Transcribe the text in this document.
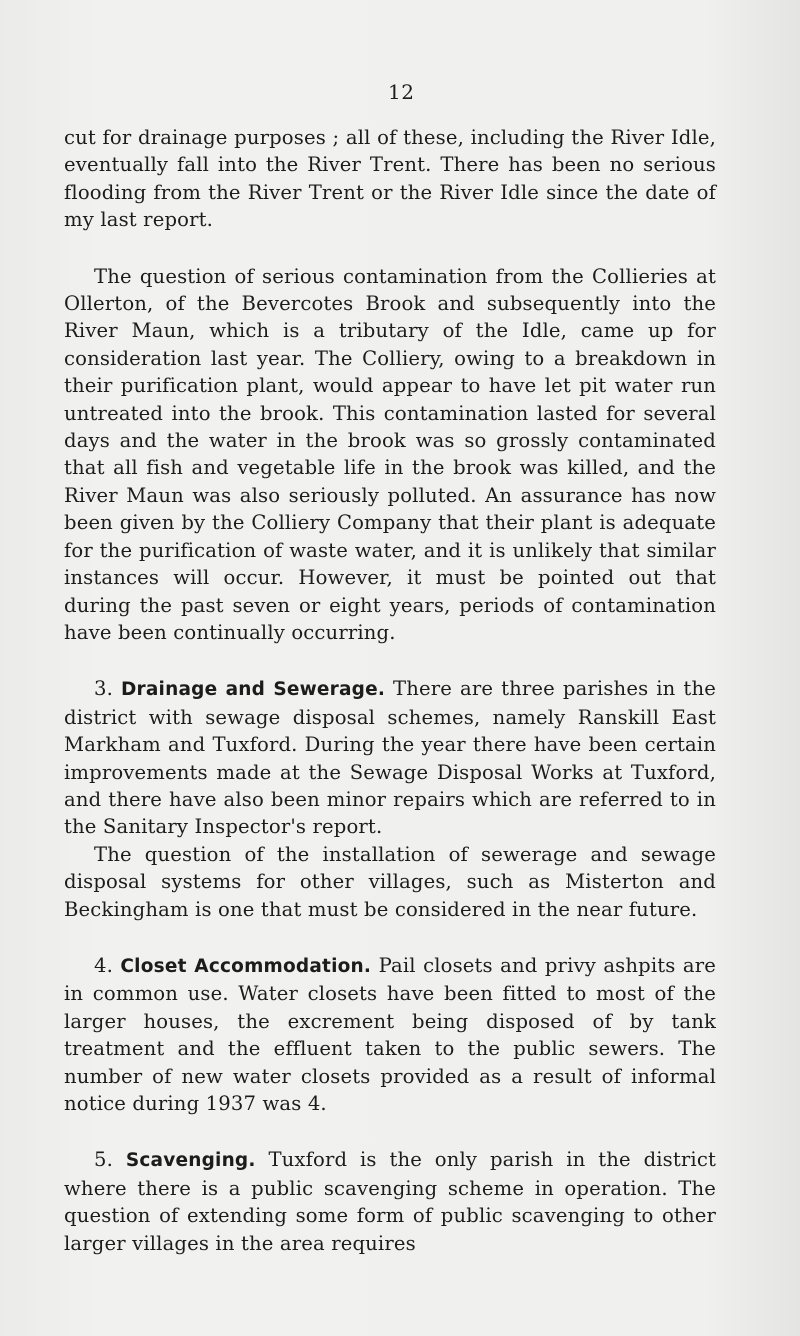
12

cut for drainage purposes ; all of these, including the River Idle, eventually fall into the River Trent. There has been no serious flooding from the River Trent or the River Idle since the date of my last report.

The question of serious contamination from the Collieries at Ollerton, of the Bevercotes Brook and subsequently into the River Maun, which is a tributary of the Idle, came up for consideration last year. The Colliery, owing to a breakdown in their purification plant, would appear to have let pit water run untreated into the brook. This contamination lasted for several days and the water in the brook was so grossly contaminated that all fish and vegetable life in the brook was killed, and the River Maun was also seriously polluted. An assurance has now been given by the Colliery Company that their plant is adequate for the purification of waste water, and it is unlikely that similar instances will occur. However, it must be pointed out that during the past seven or eight years, periods of contamination have been continually occurring.

3. Drainage and Sewerage. There are three parishes in the district with sewage disposal schemes, namely Ranskill East Markham and Tuxford. During the year there have been certain improvements made at the Sewage Disposal Works at Tuxford, and there have also been minor repairs which are referred to in the Sanitary Inspector's report.

The question of the installation of sewerage and sewage disposal systems for other villages, such as Misterton and Beckingham is one that must be considered in the near future.

4. Closet Accommodation. Pail closets and privy ashpits are in common use. Water closets have been fitted to most of the larger houses, the excrement being disposed of by tank treatment and the effluent taken to the public sewers. The number of new water closets provided as a result of informal notice during 1937 was 4.

5. Scavenging. Tuxford is the only parish in the district where there is a public scavenging scheme in operation. The question of extending some form of public scavenging to other larger villages in the area requires
